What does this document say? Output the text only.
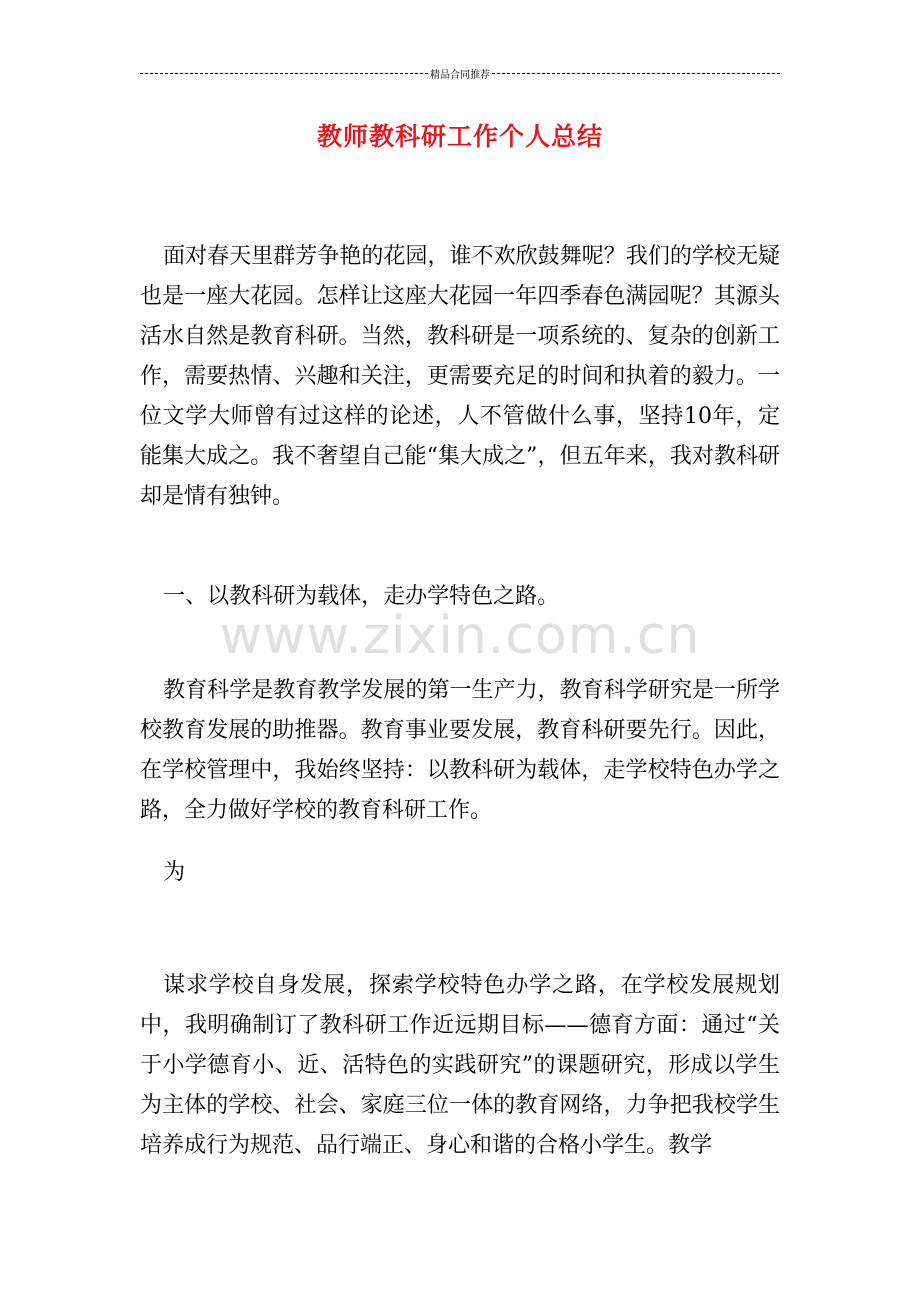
精品合同推荐
教师教科研工作个人总结
www.zixin.com.cn

面对春天里群芳争艳的花园，谁不欢欣鼓舞呢？我们的学校无疑也是一座大花园。怎样让这座大花园一年四季春色满园呢？其源头活水自然是教育科研。当然，教科研是一项系统的、复杂的创新工作，需要热情、兴趣和关注，更需要充足的时间和执着的毅力。一位文学大师曾有过这样的论述，人不管做什么事，坚持10年，定能集大成之。我不奢望自己能“集大成之”，但五年来，我对教科研却是情有独钟。

一、以教科研为载体，走办学特色之路。

教育科学是教育教学发展的第一生产力，教育科学研究是一所学校教育发展的助推器。教育事业要发展，教育科研要先行。因此，在学校管理中，我始终坚持：以教科研为载体，走学校特色办学之路，全力做好学校的教育科研工作。

为

谋求学校自身发展，探索学校特色办学之路，在学校发展规划中，我明确制订了教科研工作近远期目标——德育方面：通过“关于小学德育小、近、活特色的实践研究”的课题研究，形成以学生为主体的学校、社会、家庭三位一体的教育网络，力争把我校学生培养成行为规范、品行端正、身心和谐的合格小学生。教学
